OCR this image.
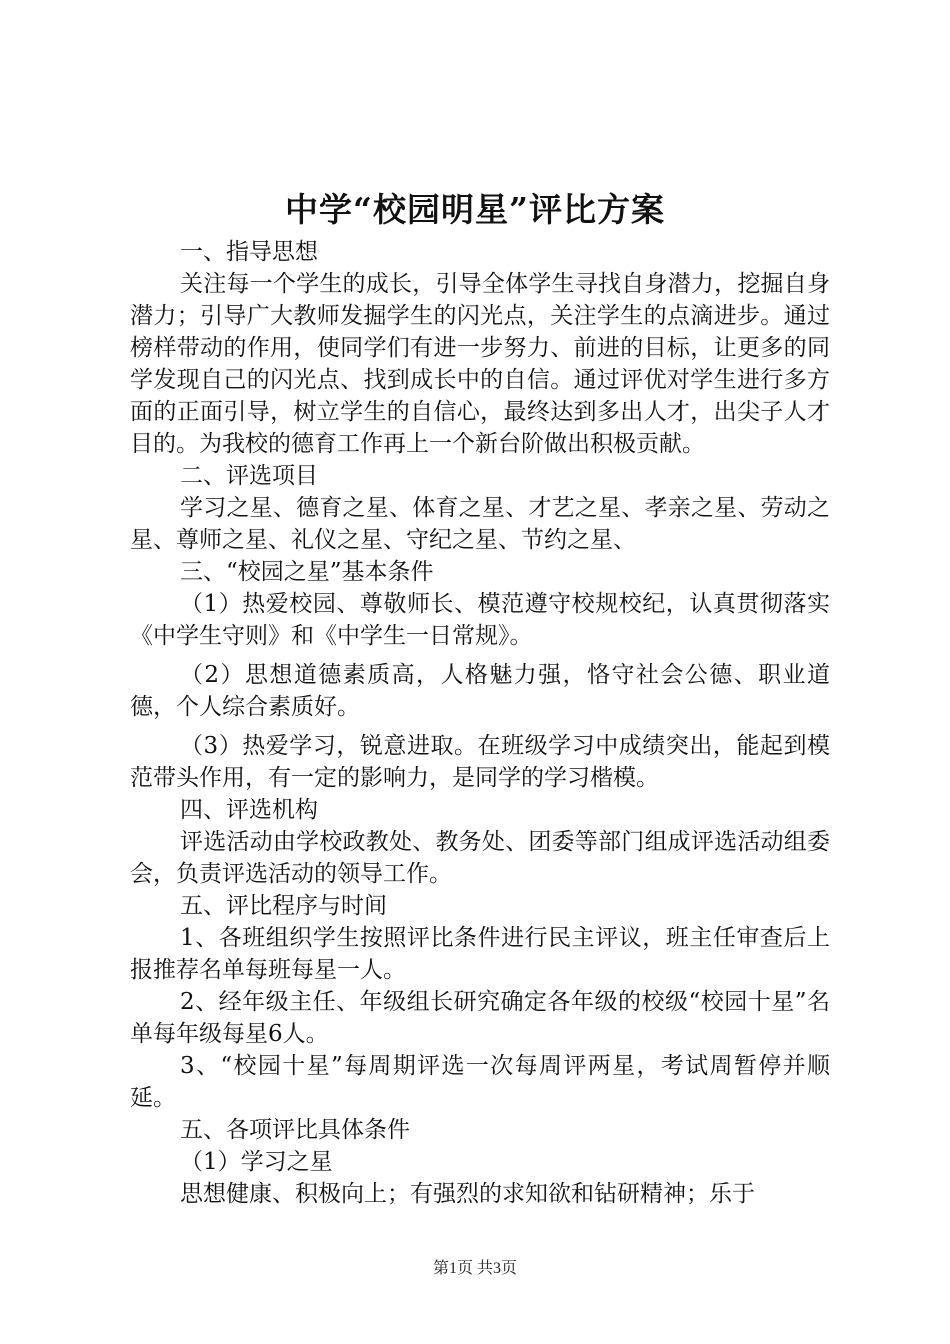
中学“校园明星”评比方案

一、指导思想

关注每一个学生的成长，引导全体学生寻找自身潜力，挖掘自身潜力；引导广大教师发掘学生的闪光点，关注学生的点滴进步。通过榜样带动的作用，使同学们有进一步努力、前进的目标，让更多的同学发现自己的闪光点、找到成长中的自信。通过评优对学生进行多方面的正面引导，树立学生的自信心，最终达到多出人才，出尖子人才目的。为我校的德育工作再上一个新台阶做出积极贡献。

二、评选项目

学习之星、德育之星、体育之星、才艺之星、孝亲之星、劳动之星、尊师之星、礼仪之星、守纪之星、节约之星、

三、“校园之星”基本条件

（1）热爱校园、尊敬师长、模范遵守校规校纪，认真贯彻落实《中学生守则》和《中学生一日常规》。

（2）思想道德素质高，人格魅力强，恪守社会公德、职业道德，个人综合素质好。

（3）热爱学习，锐意进取。在班级学习中成绩突出，能起到模范带头作用，有一定的影响力，是同学的学习楷模。

四、评选机构

评选活动由学校政教处、教务处、团委等部门组成评选活动组委会，负责评选活动的领导工作。

五、评比程序与时间

1、各班组织学生按照评比条件进行民主评议，班主任审查后上报推荐名单每班每星一人。

2、经年级主任、年级组长研究确定各年级的校级“校园十星”名单每年级每星6人。

3、“校园十星”每周期评选一次每周评两星，考试周暂停并顺延。

五、各项评比具体条件

（1）学习之星

思想健康、积极向上；有强烈的求知欲和钻研精神；乐于

第1页 共3页
